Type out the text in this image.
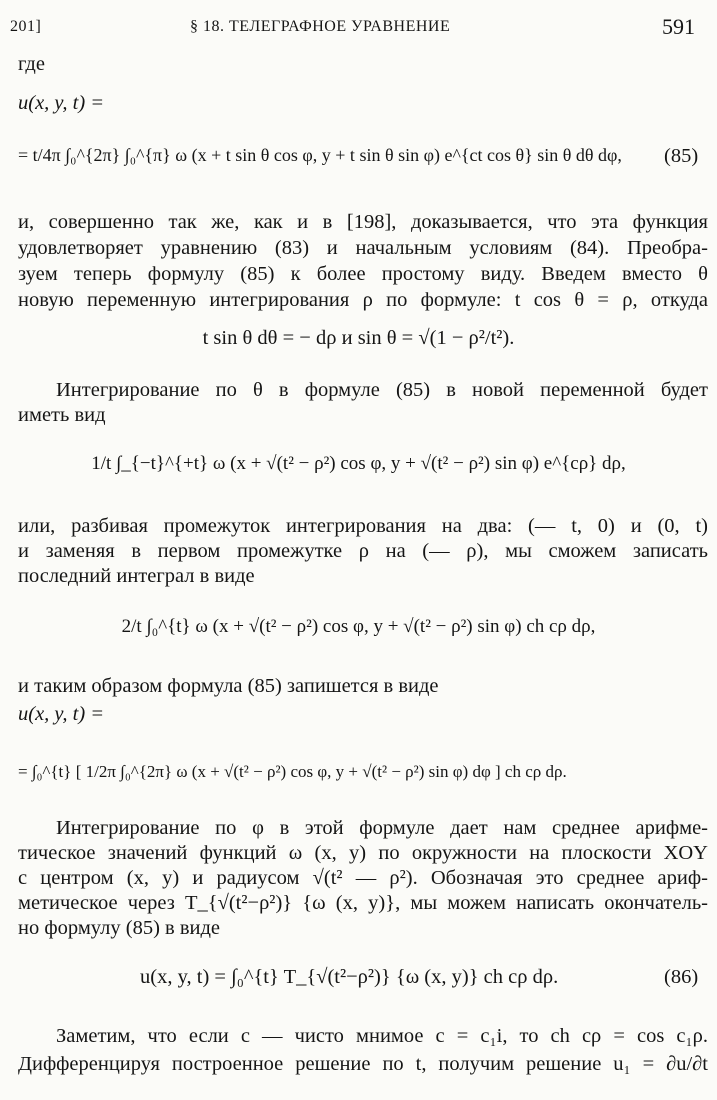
201]	§ 18. ТЕЛЕГРАФНОЕ УРАВНЕНИЕ	591
где
u(x, y, t) =
= t/4π ∫₀^{2π} ∫₀^{π} ω (x + t sin θ cos φ, y + t sin θ sin φ) e^{ct cos θ} sin θ dθ dφ, (85)
и, совершенно так же, как и в [198], доказывается, что эта функция
удовлетворяет уравнению (83) и начальным условиям (84). Преобра-
зуем теперь формулу (85) к более простому виду. Введем вместо θ
новую переменную интегрирования ρ по формуле: t cos θ = ρ, откуда
t sin θ dθ = − dρ и sin θ = √(1 − ρ²/t²).
Интегрирование по θ в формуле (85) в новой переменной будет
иметь вид
1/t ∫_{−t}^{+t} ω (x + √(t² − ρ²) cos φ, y + √(t² − ρ²) sin φ) e^{cρ} dρ,
или, разбивая промежуток интегрирования на два: (— t, 0) и (0, t)
и заменяя в первом промежутке ρ на (— ρ), мы сможем записать
последний интеграл в виде
2/t ∫₀^{t} ω (x + √(t² − ρ²) cos φ, y + √(t² − ρ²) sin φ) ch cρ dρ,
и таким образом формула (85) запишется в виде
u(x, y, t) =
= ∫₀^{t} [ 1/2π ∫₀^{2π} ω (x + √(t² − ρ²) cos φ, y + √(t² − ρ²) sin φ) dφ ] ch cρ dρ.
Интегрирование по φ в этой формуле дает нам среднее арифме-
тическое значений функций ω (x, y) по окружности на плоскости XOY
с центром (x, y) и радиусом √(t² — ρ²). Обозначая это среднее ариф-
метическое через T_{√(t²−ρ²)} {ω (x, y)}, мы можем написать окончатель-
но формулу (85) в виде
u(x, y, t) = ∫₀^{t} T_{√(t²−ρ²)} {ω (x, y)} ch cρ dρ.	(86)
Заметим, что если c — чисто мнимое c = c₁i, то ch cρ = cos c₁ρ.
Дифференцируя построенное решение по t, получим решение u₁ = ∂u/∂t
